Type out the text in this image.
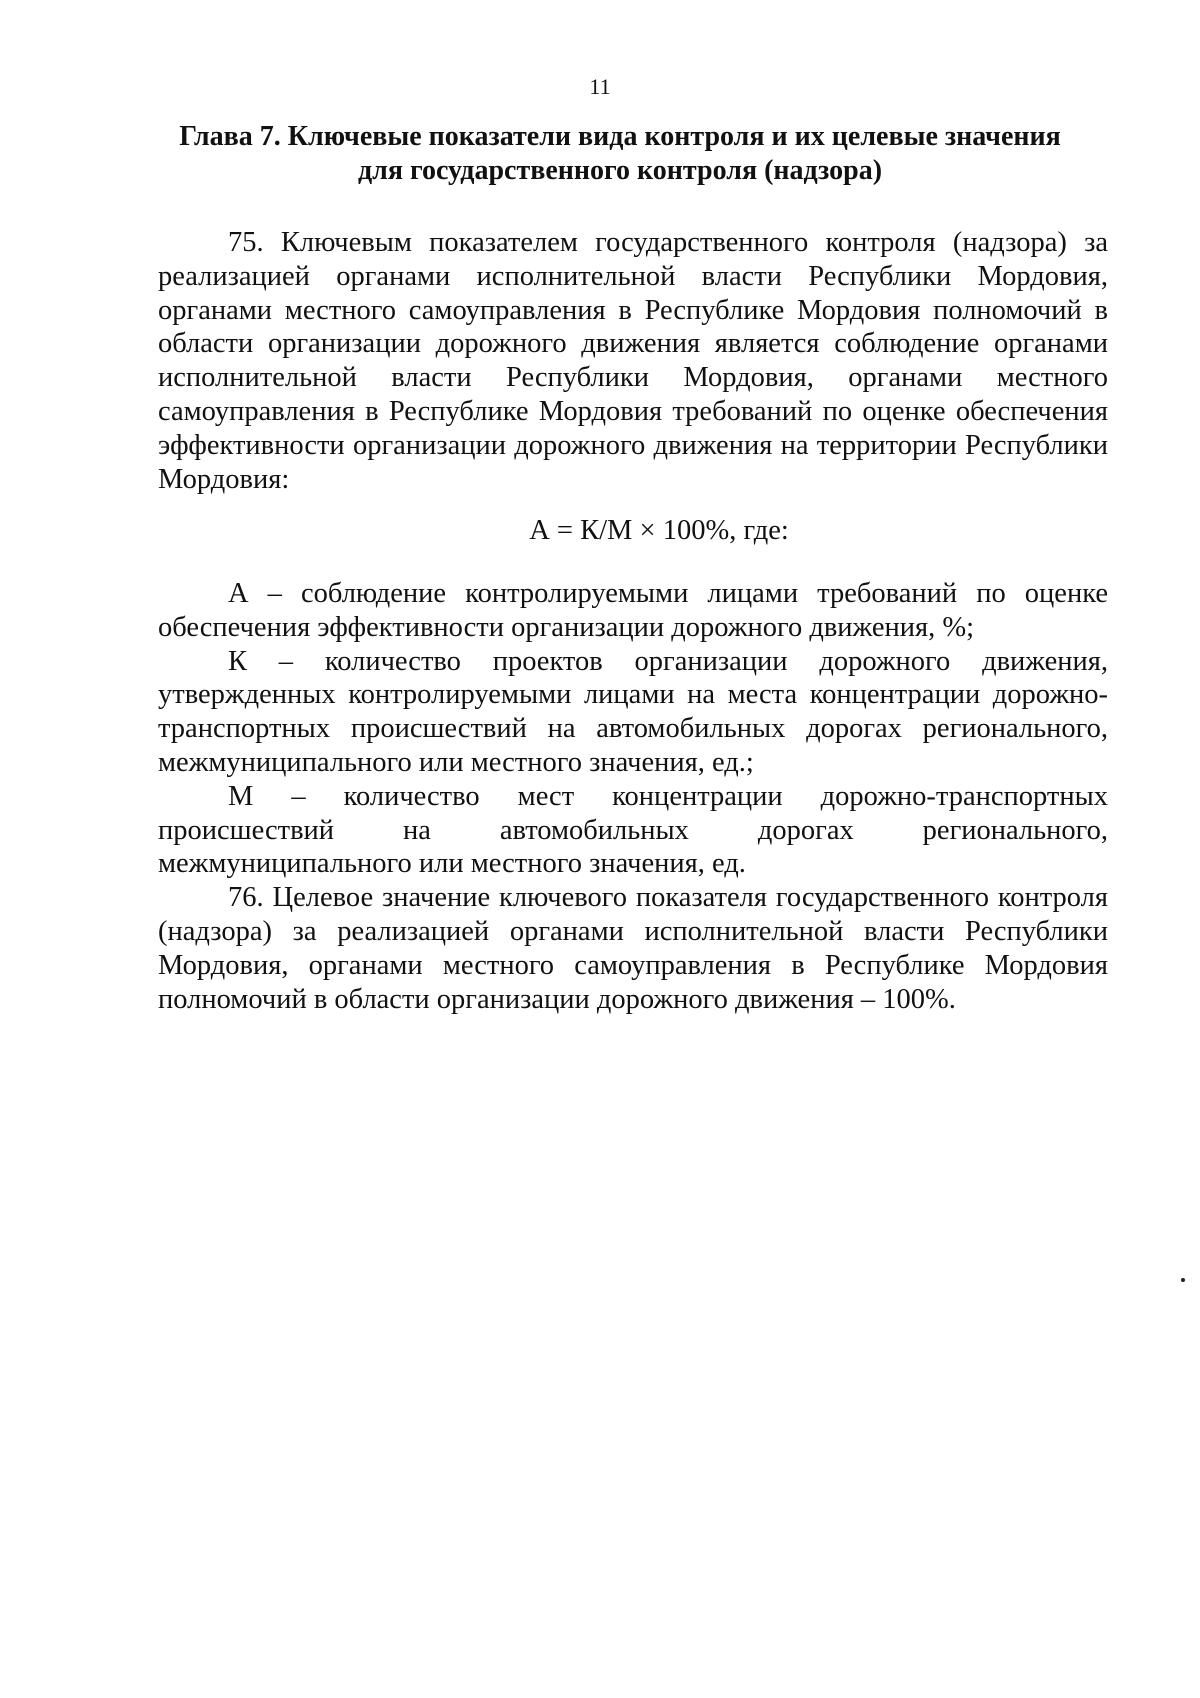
11
Глава 7. Ключевые показатели вида контроля и их целевые значения
для государственного контроля (надзора)

75. Ключевым показателем государственного контроля (надзора) за реализацией органами исполнительной власти Республики Мордовия, органами местного самоуправления в Республике Мордовия полномочий в области организации дорожного движения является соблюдение органами исполнительной власти Республики Мордовия, органами местного самоуправления в Республике Мордовия требований по оценке обеспечения эффективности организации дорожного движения на территории Республики Мордовия:

А = К/М × 100%, где:

А – соблюдение контролируемыми лицами требований по оценке обеспечения эффективности организации дорожного движения, %;

К – количество проектов организации дорожного движения, утвержденных контролируемыми лицами на места концентрации дорожно-транспортных происшествий на автомобильных дорогах регионального, межмуниципального или местного значения, ед.;

М – количество мест концентрации дорожно-транспортных происшествий на автомобильных дорогах регионального, межмуниципального или местного значения, ед.

76. Целевое значение ключевого показателя государственного контроля (надзора) за реализацией органами исполнительной власти Республики Мордовия, органами местного самоуправления в Республике Мордовия полномочий в области организации дорожного движения – 100%.
